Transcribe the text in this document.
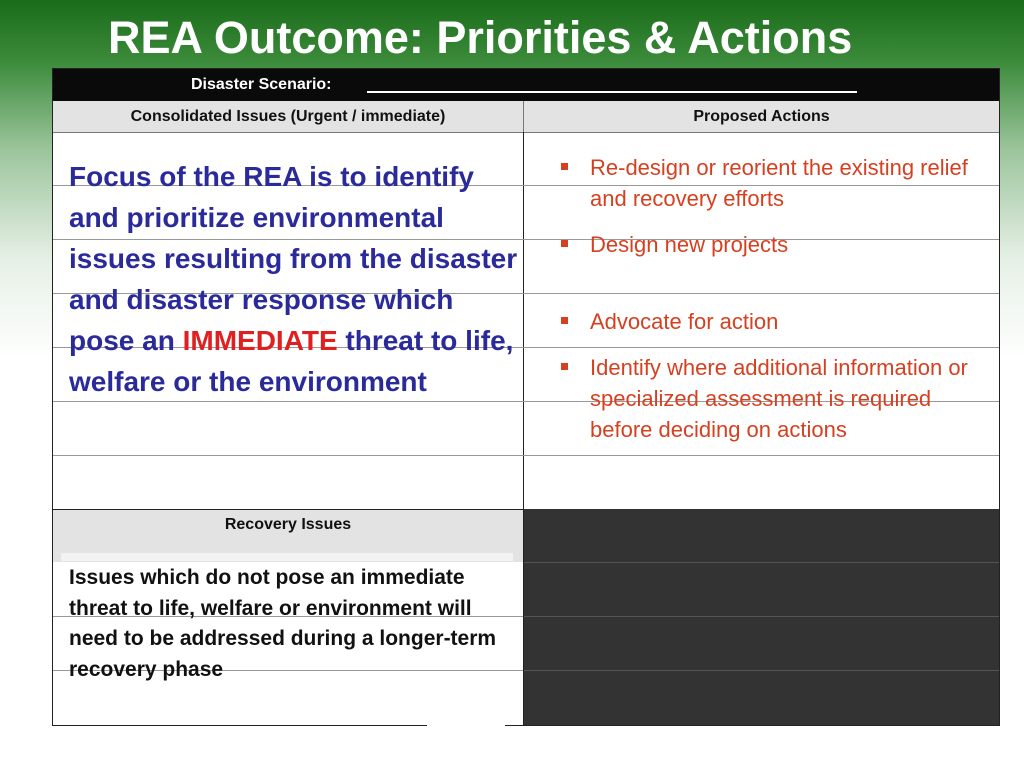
REA Outcome: Priorities & Actions
Disaster Scenario:
Consolidated Issues (Urgent / immediate)	Proposed Actions

Focus of the REA is to identify and prioritize environmental issues resulting from the disaster and disaster response which pose an IMMEDIATE threat to life, welfare or the environment

Re-design or reorient the existing relief and recovery efforts
Design new projects
Advocate for action
Identify where additional information or specialized assessment is required before deciding on actions
Recovery Issues

Issues which do not pose an immediate threat to life, welfare or environment will need to be addressed during a longer-term recovery phase
